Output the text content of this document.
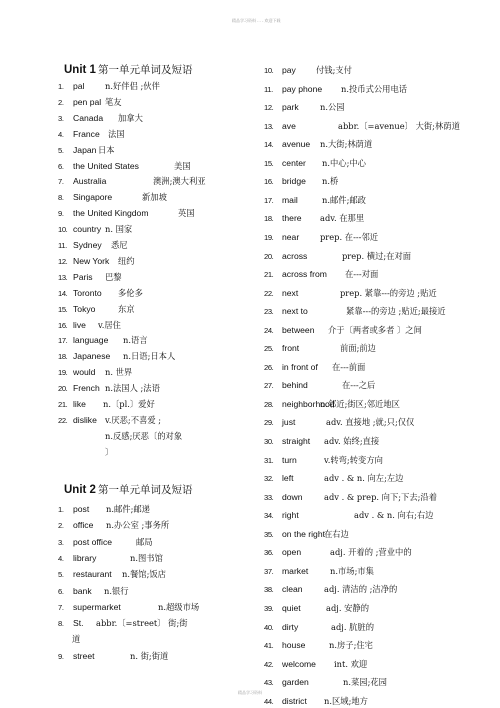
精品学习资料 - - - 欢迎下载
Unit 1 第一单元单词及短语
1. pal n.好伴侣 ;伙伴
2. pen pal 笔友
3. Canada 加拿大
4. France 法国
5. Japan 日本
6. the United States	美国
7. Australia	澳洲;澳大利亚
8. Singapore	新加坡
9. the United Kingdom	英国
10. country n. 国家
11. Sydney 悉尼
12. New York 纽约
13. Paris 巴黎
14. Toronto 多伦多
15. Tokyo	东京
16. live v.居住
17. language n.语言
18. Japanese n.日语;日本人
19. would n. 世界
20. French n.法国人 ;法语
21. like n.〔pl.〕爱好
22. dislike v.厌恶;不喜爱 ;
n.反感;厌恶〔的对象
〕
Unit 2 第一单元单词及短语
1. post n.邮件;邮递
2. office n.办公室 ;事务所
3. post office	邮局
4. library	n.图书馆
5. restaurant n.餐馆;饭店
6. bank n.银行
7. supermarket	n.超级市场
8. St. abbr.〔=street〕 街;街
道
9. street	n. 街;街道
10. pay 付钱;支付
11. pay phone n.投币式公用电话
12. park	n.公园
13. ave	abbr.〔=avenue〕 大街;林荫道
14. avenue n.大街;林荫道
15. center n.中心;中心
16. bridge n.桥
17. mail	n.邮件;邮政
18. there adv. 在那里
19. near	prep. 在---邻近
20. across	prep. 横过;在对面
21. across from 在---对面
22. next	prep. 紧靠---的旁边 ;贴近
23. next to	紧靠---的旁边 ;贴近;最接近
24. between 介于〔两者或多者 〕之间
25. front	前面;前边
26. in front of 在---前面
27. behind	在---之后
28. neighborhood
n.邻近;街区;邻近地区
29. just	adv. 直接地 ;就;只;仅仅
30. straight adv. 始终;直接
31. turn	v.转弯;转变方向
32. left	adv . & n. 向左;左边
33. down	adv . & prep. 向下;下去;沿着
34. right	adv . & n. 向右;右边
35. on the right 在右边
36. open	adj. 开着的 ;营业中的
37. market	n.市场;市集
38. clean	adj. 清洁的 ;洁净的
39. quiet	adj. 安静的
40. dirty	adj. 肮脏的
41. house	n.房子;住宅
42. welcome int. 欢迎
43. garden	n.菜园;花园
44. district n.区域;地方
精品学习资料
